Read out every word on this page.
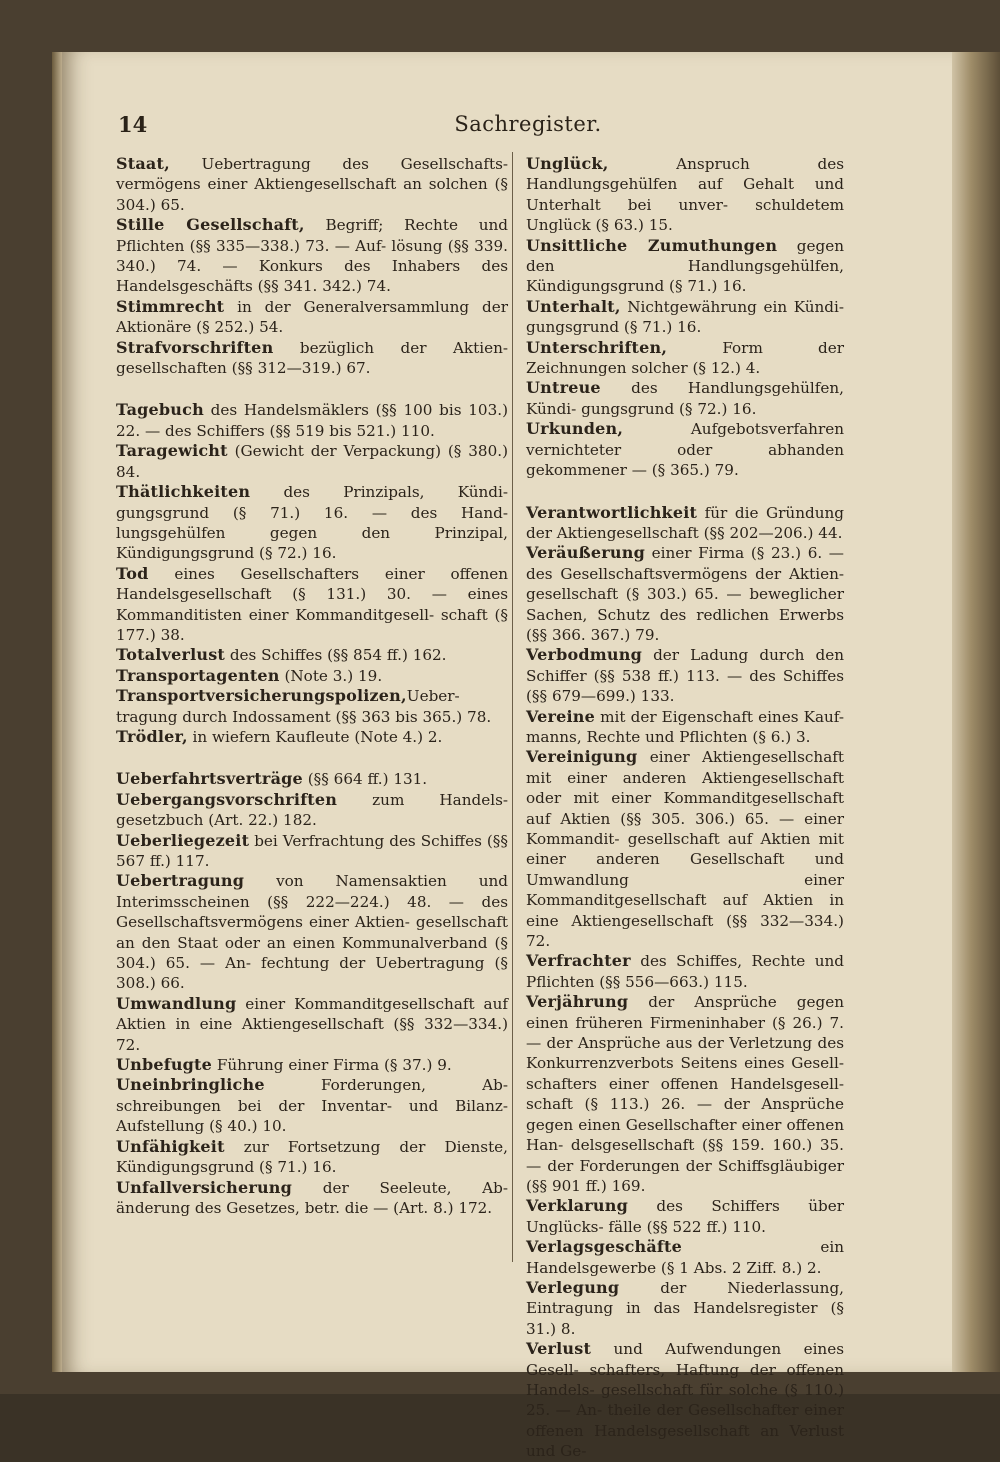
Sachregister.
14

Staat, Uebertragung des Gesellschafts- vermögens einer Aktiengesellschaft an solchen (§ 304.) 65.

Stille Gesellschaft, Begriff; Rechte und Pflichten (§§ 335—338.) 73. — Auf- lösung (§§ 339. 340.) 74. — Konkurs des Inhabers des Handelsgeschäfts (§§ 341. 342.) 74.

Stimmrecht in der Generalversammlung der Aktionäre (§ 252.) 54.

Strafvorschriften bezüglich der Aktien- gesellschaften (§§ 312—319.) 67.

Tagebuch des Handelsmäklers (§§ 100 bis 103.) 22. — des Schiffers (§§ 519 bis 521.) 110.

Taragewicht (Gewicht der Verpackung) (§ 380.) 84.

Thätlichkeiten des Prinzipals, Kündi- gungsgrund (§ 71.) 16. — des Hand- lungsgehülfen gegen den Prinzipal, Kündigungsgrund (§ 72.) 16.

Tod eines Gesellschafters einer offenen Handelsgesellschaft (§ 131.) 30. — eines Kommanditisten einer Kommanditgesell- schaft (§ 177.) 38.

Totalverlust des Schiffes (§§ 854 ff.) 162.

Transportagenten (Note 3.) 19.

Transportversicherungspolizen,Ueber- tragung durch Indossament (§§ 363 bis 365.) 78.

Trödler, in wiefern Kaufleute (Note 4.) 2.

Ueberfahrtsverträge (§§ 664 ff.) 131.

Uebergangsvorschriften zum Handels- gesetzbuch (Art. 22.) 182.

Ueberliegezeit bei Verfrachtung des Schiffes (§§ 567 ff.) 117.

Uebertragung von Namensaktien und Interimsscheinen (§§ 222—224.) 48. — des Gesellschaftsvermögens einer Aktien- gesellschaft an den Staat oder an einen Kommunalverband (§ 304.) 65. — An- fechtung der Uebertragung (§ 308.) 66.

Umwandlung einer Kommanditgesellschaft auf Aktien in eine Aktiengesellschaft (§§ 332—334.) 72.

Unbefugte Führung einer Firma (§ 37.) 9.

Uneinbringliche Forderungen, Ab- schreibungen bei der Inventar- und Bilanz-Aufstellung (§ 40.) 10.

Unfähigkeit zur Fortsetzung der Dienste, Kündigungsgrund (§ 71.) 16.

Unfallversicherung der Seeleute, Ab- änderung des Gesetzes, betr. die — (Art. 8.) 172.

Unglück, Anspruch des Handlungsgehülfen auf Gehalt und Unterhalt bei unver- schuldetem Unglück (§ 63.) 15.

Unsittliche Zumuthungen gegen den Handlungsgehülfen, Kündigungsgrund (§ 71.) 16.

Unterhalt, Nichtgewährung ein Kündi- gungsgrund (§ 71.) 16.

Unterschriften, Form der Zeichnungen solcher (§ 12.) 4.

Untreue des Handlungsgehülfen, Kündi- gungsgrund (§ 72.) 16.

Urkunden, Aufgebotsverfahren vernichteter oder abhanden gekommener — (§ 365.) 79.

Verantwortlichkeit für die Gründung der Aktiengesellschaft (§§ 202—206.) 44.

Veräußerung einer Firma (§ 23.) 6. — des Gesellschaftsvermögens der Aktien- gesellschaft (§ 303.) 65. — beweglicher Sachen, Schutz des redlichen Erwerbs (§§ 366. 367.) 79.

Verbodmung der Ladung durch den Schiffer (§§ 538 ff.) 113. — des Schiffes (§§ 679—699.) 133.

Vereine mit der Eigenschaft eines Kauf- manns, Rechte und Pflichten (§ 6.) 3.

Vereinigung einer Aktiengesellschaft mit einer anderen Aktiengesellschaft oder mit einer Kommanditgesellschaft auf Aktien (§§ 305. 306.) 65. — einer Kommandit- gesellschaft auf Aktien mit einer anderen Gesellschaft und Umwandlung einer Kommanditgesellschaft auf Aktien in eine Aktiengesellschaft (§§ 332—334.) 72.

Verfrachter des Schiffes, Rechte und Pflichten (§§ 556—663.) 115.

Verjährung der Ansprüche gegen einen früheren Firmeninhaber (§ 26.) 7. — der Ansprüche aus der Verletzung des Konkurrenzverbots Seitens eines Gesell- schafters einer offenen Handelsgesell- schaft (§ 113.) 26. — der Ansprüche gegen einen Gesellschafter einer offenen Han- delsgesellschaft (§§ 159. 160.) 35. — der Forderungen der Schiffsgläubiger (§§ 901 ff.) 169.

Verklarung des Schiffers über Unglücks- fälle (§§ 522 ff.) 110.

Verlagsgeschäfte ein Handelsgewerbe (§ 1 Abs. 2 Ziff. 8.) 2.

Verlegung der Niederlassung, Eintragung in das Handelsregister (§ 31.) 8.

Verlust und Aufwendungen eines Gesell- schafters, Haftung der offenen Handels- gesellschaft für solche (§ 110.) 25. — An- theile der Gesellschafter einer offenen Handelsgesellschaft an Verlust und Ge-
